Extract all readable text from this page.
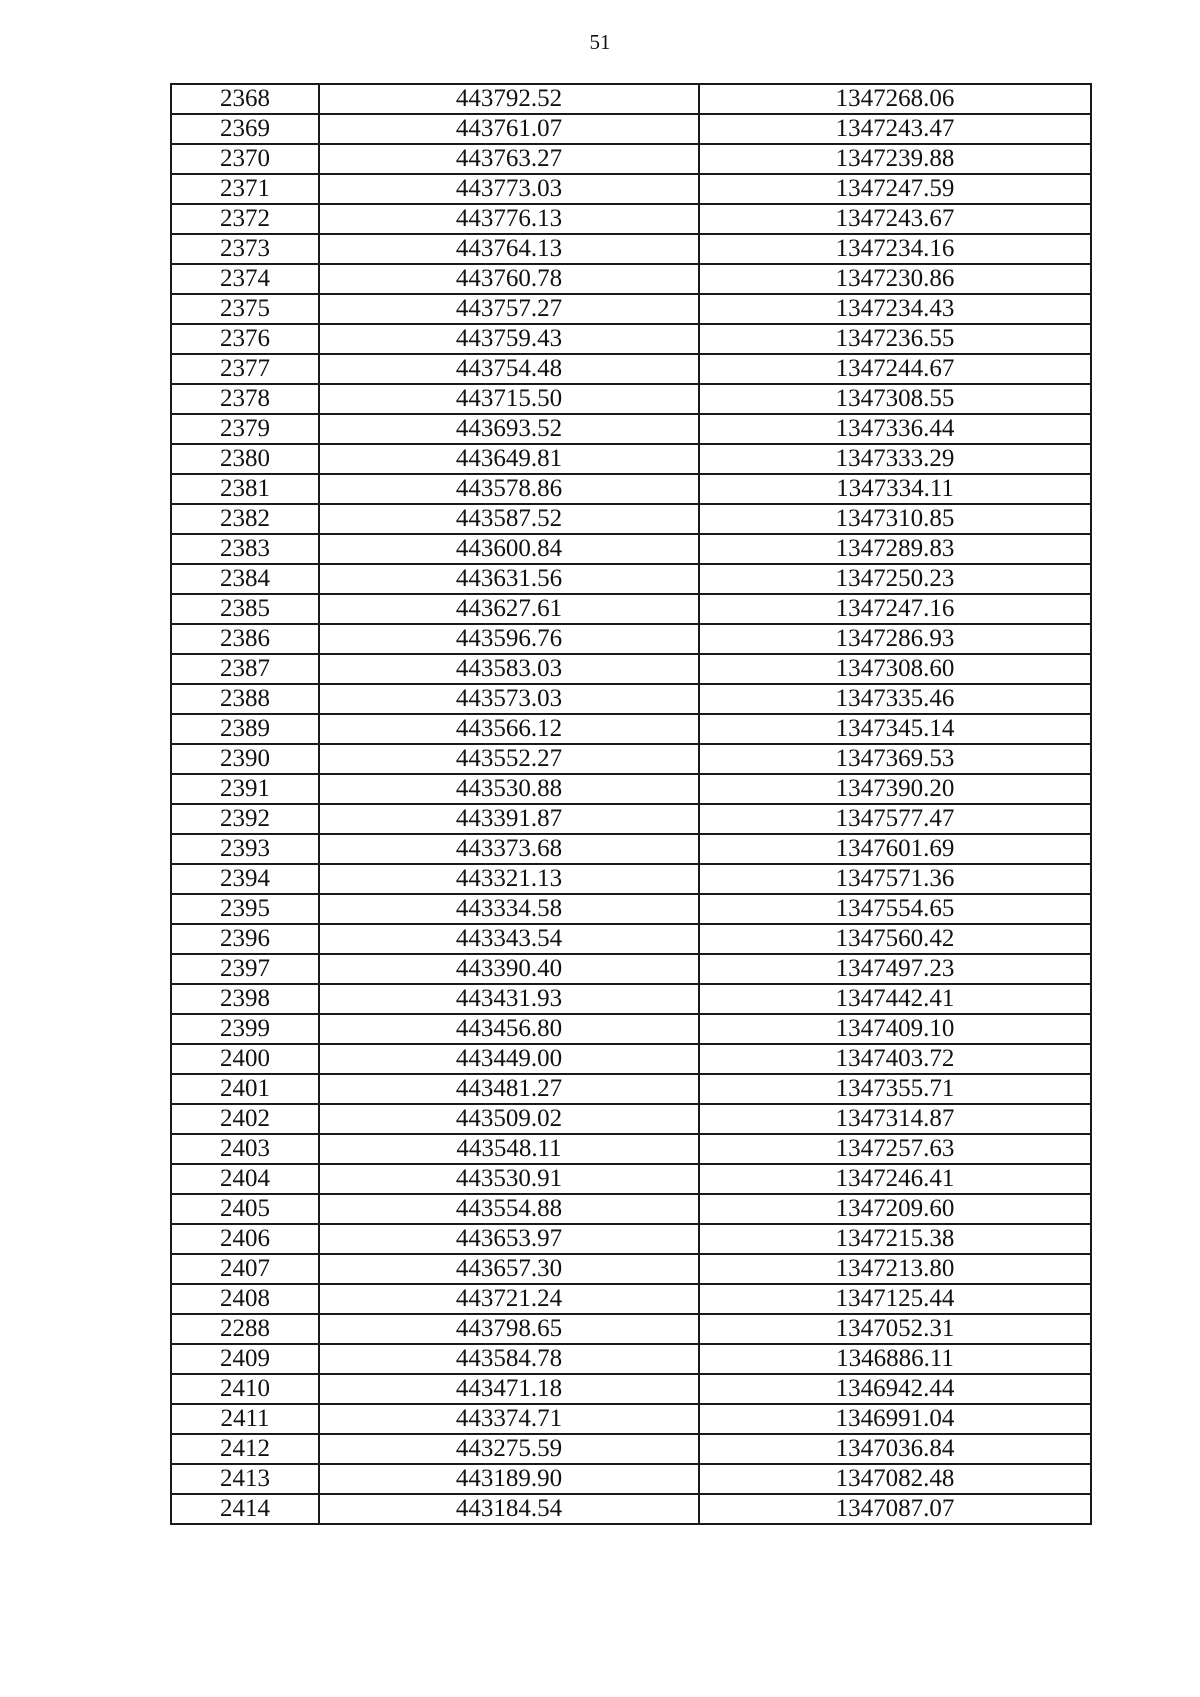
51
2368	443792.52	1347268.06
2369	443761.07	1347243.47
2370	443763.27	1347239.88
2371	443773.03	1347247.59
2372	443776.13	1347243.67
2373	443764.13	1347234.16
2374	443760.78	1347230.86
2375	443757.27	1347234.43
2376	443759.43	1347236.55
2377	443754.48	1347244.67
2378	443715.50	1347308.55
2379	443693.52	1347336.44
2380	443649.81	1347333.29
2381	443578.86	1347334.11
2382	443587.52	1347310.85
2383	443600.84	1347289.83
2384	443631.56	1347250.23
2385	443627.61	1347247.16
2386	443596.76	1347286.93
2387	443583.03	1347308.60
2388	443573.03	1347335.46
2389	443566.12	1347345.14
2390	443552.27	1347369.53
2391	443530.88	1347390.20
2392	443391.87	1347577.47
2393	443373.68	1347601.69
2394	443321.13	1347571.36
2395	443334.58	1347554.65
2396	443343.54	1347560.42
2397	443390.40	1347497.23
2398	443431.93	1347442.41
2399	443456.80	1347409.10
2400	443449.00	1347403.72
2401	443481.27	1347355.71
2402	443509.02	1347314.87
2403	443548.11	1347257.63
2404	443530.91	1347246.41
2405	443554.88	1347209.60
2406	443653.97	1347215.38
2407	443657.30	1347213.80
2408	443721.24	1347125.44
2288	443798.65	1347052.31
2409	443584.78	1346886.11
2410	443471.18	1346942.44
2411	443374.71	1346991.04
2412	443275.59	1347036.84
2413	443189.90	1347082.48
2414	443184.54	1347087.07
